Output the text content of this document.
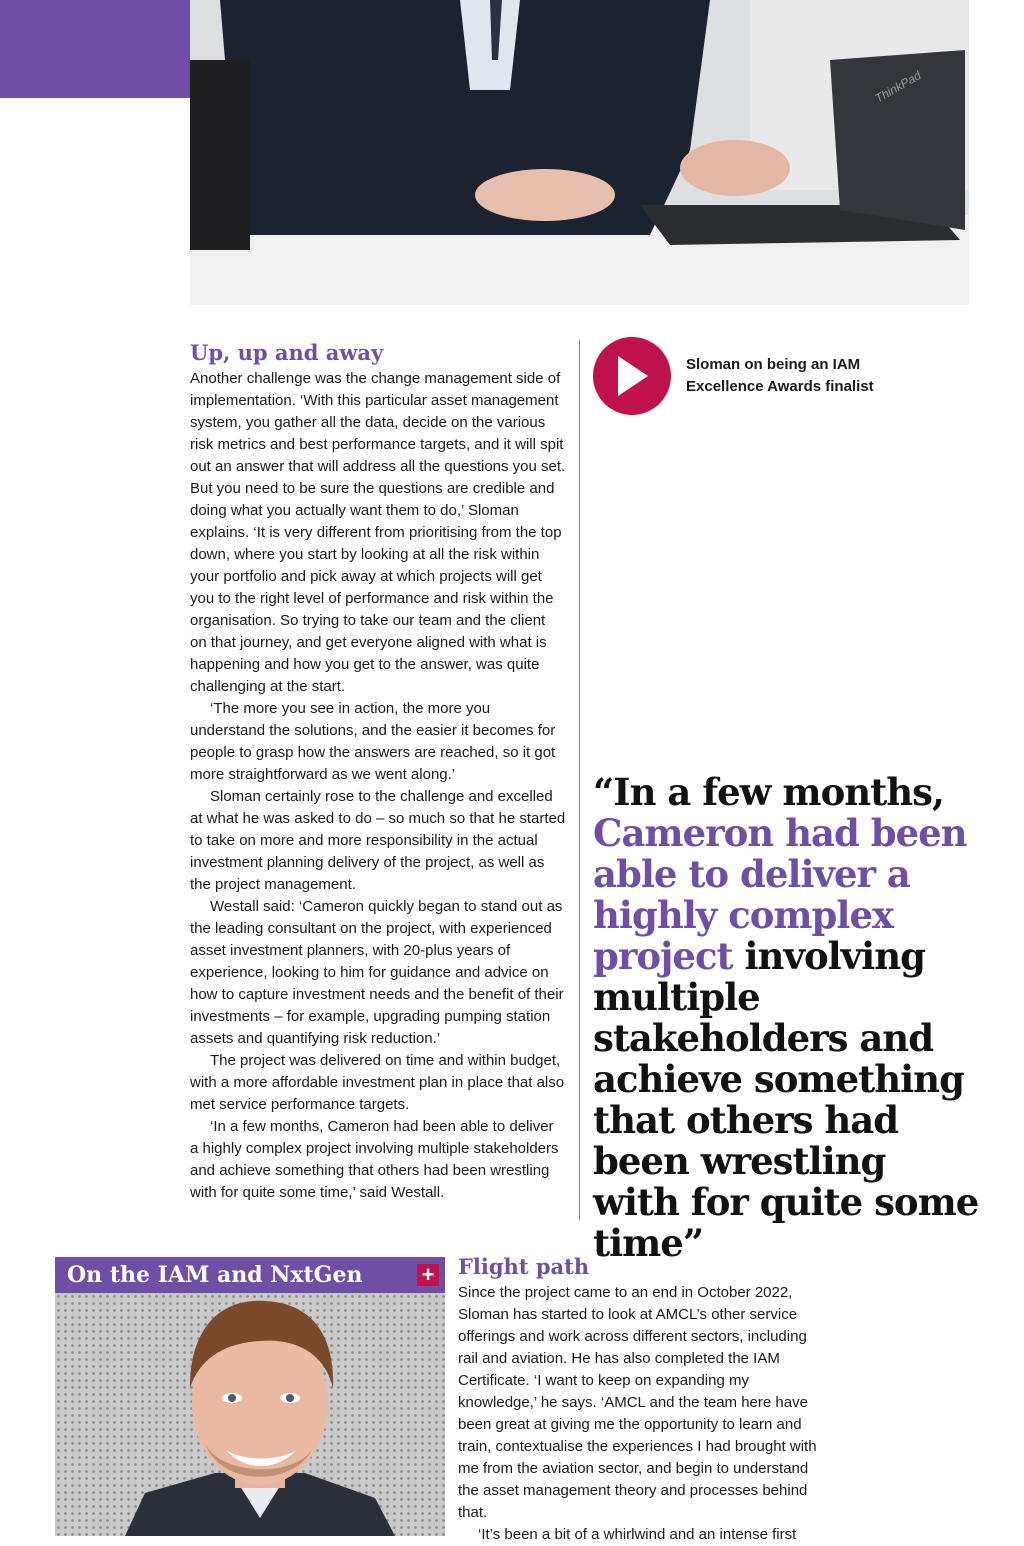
ThinkPad
Up, up and away

Another challenge was the change management side of implementation. ‘With this particular asset management system, you gather all the data, decide on the various risk metrics and best performance targets, and it will spit out an answer that will address all the questions you set. But you need to be sure the questions are credible and doing what you actually want them to do,’ Sloman explains. ‘It is very different from prioritising from the top down, where you start by looking at all the risk within your portfolio and pick away at which projects will get you to the right level of performance and risk within the organisation. So trying to take our team and the client on that journey, and get everyone aligned with what is happening and how you get to the answer, was quite challenging at the start.

‘The more you see in action, the more you understand the solutions, and the easier it becomes for people to grasp how the answers are reached, so it got more straightforward as we went along.’

Sloman certainly rose to the challenge and excelled at what he was asked to do – so much so that he started to take on more and more responsibility in the actual investment planning delivery of the project, as well as the project management.

Westall said: ‘Cameron quickly began to stand out as the leading consultant on the project, with experienced asset investment planners, with 20-plus years of experience, looking to him for guidance and advice on how to capture investment needs and the benefit of their investments – for example, upgrading pumping station assets and quantifying risk reduction.’

The project was delivered on time and within budget, with a more affordable investment plan in place that also met service performance targets.

‘In a few months, Cameron had been able to deliver a highly complex project involving multiple stakeholders and achieve something that others had been wrestling with for quite some time,’ said Westall.

Sloman on being an IAM Excellence Awards finalist
“In a few months, Cameron had been able to deliver a highly complex project involving multiple stakeholders and achieve something that others had been wrestling with for quite some time”
On the IAM and NxtGen	+ Flight path

Since the project came to an end in October 2022, Sloman has started to look at AMCL’s other service offerings and work across different sectors, including rail and aviation. He has also completed the IAM Certificate. ‘I want to keep on expanding my knowledge,’ he says. ‘AMCL and the team here have been great at giving me the opportunity to learn and train, contextualise the experiences I had brought with me from the aviation sector, and begin to understand the asset management theory and processes behind that.

‘It’s been a bit of a whirlwind and an intense first
